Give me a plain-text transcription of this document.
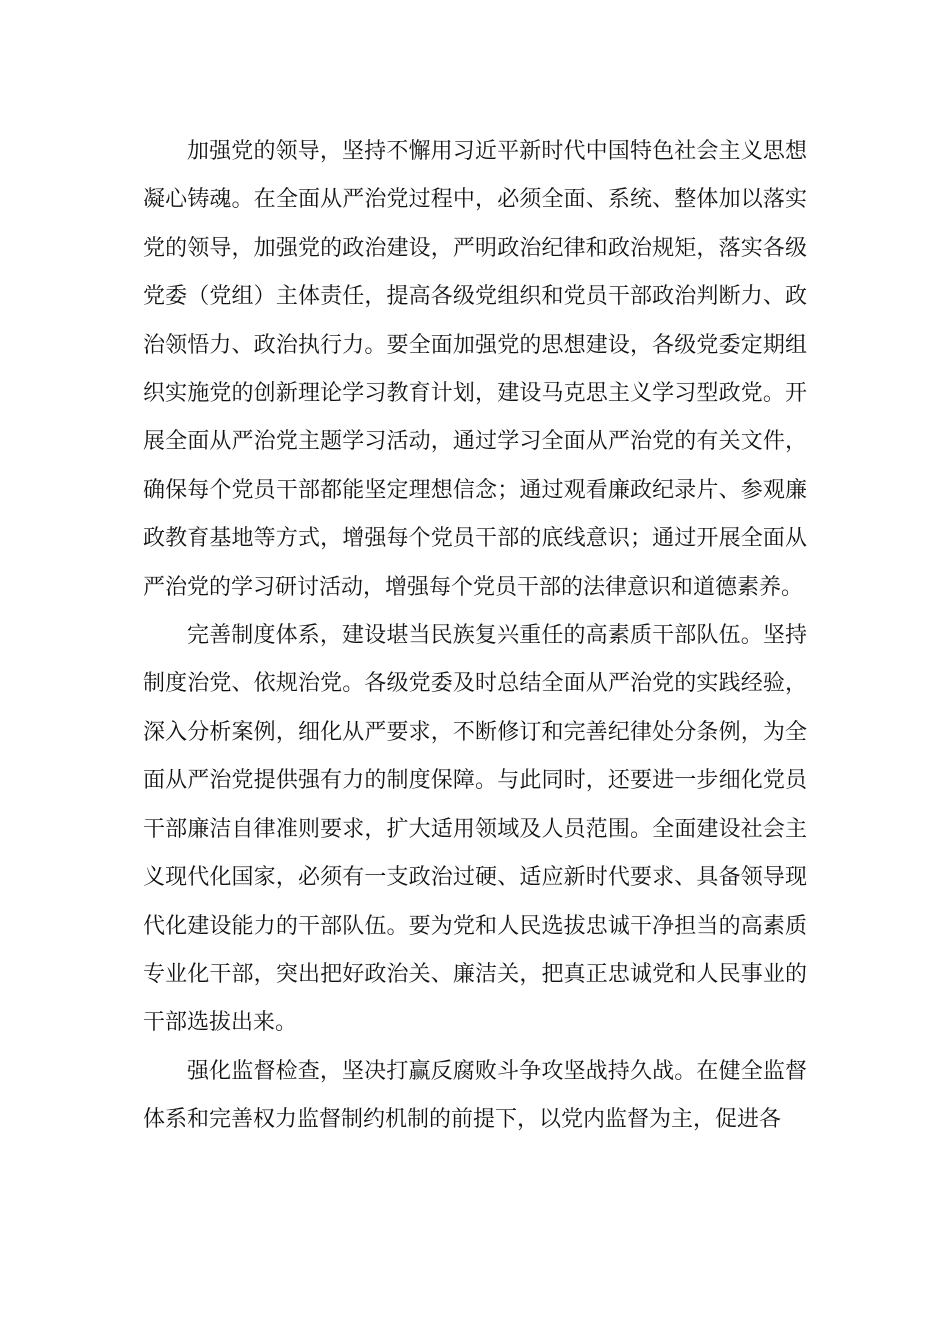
加强党的领导，坚持不懈用习近平新时代中国特色社会主义思想凝心铸魂。在全面从严治党过程中，必须全面、系统、整体加以落实党的领导，加强党的政治建设，严明政治纪律和政治规矩，落实各级党委（党组）主体责任，提高各级党组织和党员干部政治判断力、政治领悟力、政治执行力。要全面加强党的思想建设，各级党委定期组织实施党的创新理论学习教育计划，建设马克思主义学习型政党。开展全面从严治党主题学习活动，通过学习全面从严治党的有关文件，确保每个党员干部都能坚定理想信念；通过观看廉政纪录片、参观廉政教育基地等方式，增强每个党员干部的底线意识；通过开展全面从严治党的学习研讨活动，增强每个党员干部的法律意识和道德素养。

完善制度体系，建设堪当民族复兴重任的高素质干部队伍。坚持制度治党、依规治党。各级党委及时总结全面从严治党的实践经验，深入分析案例，细化从严要求，不断修订和完善纪律处分条例，为全面从严治党提供强有力的制度保障。与此同时，还要进一步细化党员干部廉洁自律准则要求，扩大适用领域及人员范围。全面建设社会主义现代化国家，必须有一支政治过硬、适应新时代要求、具备领导现代化建设能力的干部队伍。要为党和人民选拔忠诚干净担当的高素质专业化干部，突出把好政治关、廉洁关，把真正忠诚党和人民事业的干部选拔出来。

强化监督检查，坚决打赢反腐败斗争攻坚战持久战。在健全监督体系和完善权力监督制约机制的前提下，以党内监督为主，促进各
